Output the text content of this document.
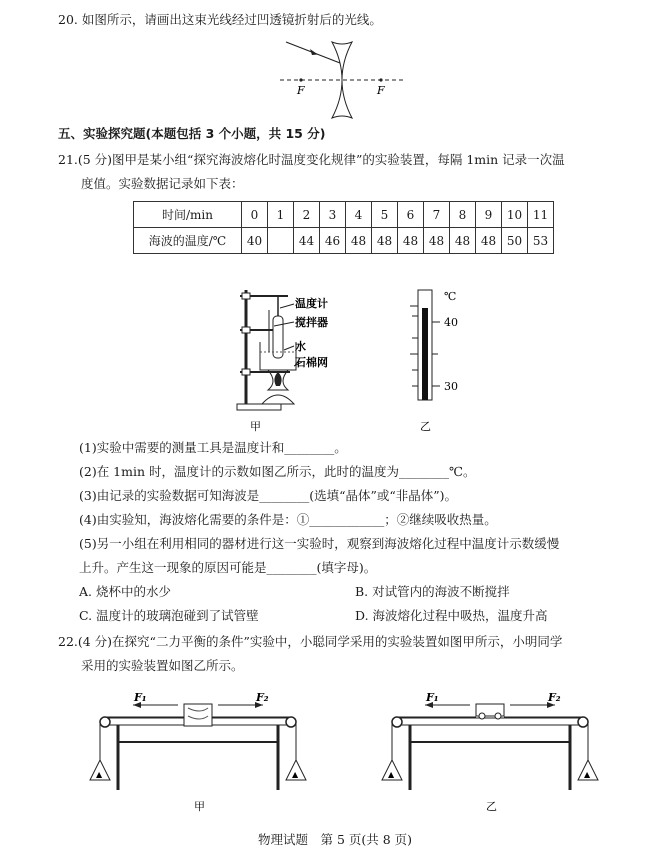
20. 如图所示，请画出这束光线经过凹透镜折射后的光线。
F	F
五、实验探究题(本题包括 3 个小题，共 15 分)
21.(5 分)图甲是某小组“探究海波熔化时温度变化规律”的实验装置，每隔 1min 记录一次温
度值。实验数据记录如下表：
时间/min	0	1	2	3	4	5	6	7	8	9	10	11
海波的温度/℃	40		44	46	48	48	48	48	48	48	50	53
温度计
搅拌器
水
石棉网
甲
℃
40
30
乙
(1)实验中需要的测量工具是温度计和________。
(2)在 1min 时，温度计的示数如图乙所示，此时的温度为________℃。
(3)由记录的实验数据可知海波是________(选填“晶体”或“非晶体”)。
(4)由实验知，海波熔化需要的条件是：①____________；②继续吸收热量。
(5)另一小组在利用相同的器材进行这一实验时，观察到海波熔化过程中温度计示数缓慢
上升。产生这一现象的原因可能是________(填字母)。
A. 烧杯中的水少	B. 对试管内的海波不断搅拌
C. 温度计的玻璃泡碰到了试管壁	D. 海波熔化过程中吸热，温度升高
22.(4 分)在探究“二力平衡的条件”实验中，小聪同学采用的实验装置如图甲所示，小明同学
采用的实验装置如图乙所示。
▲	▲
F₁	F₂
甲
▲	▲
F₁	F₂
乙
物理试题　第 5 页(共 8 页)
